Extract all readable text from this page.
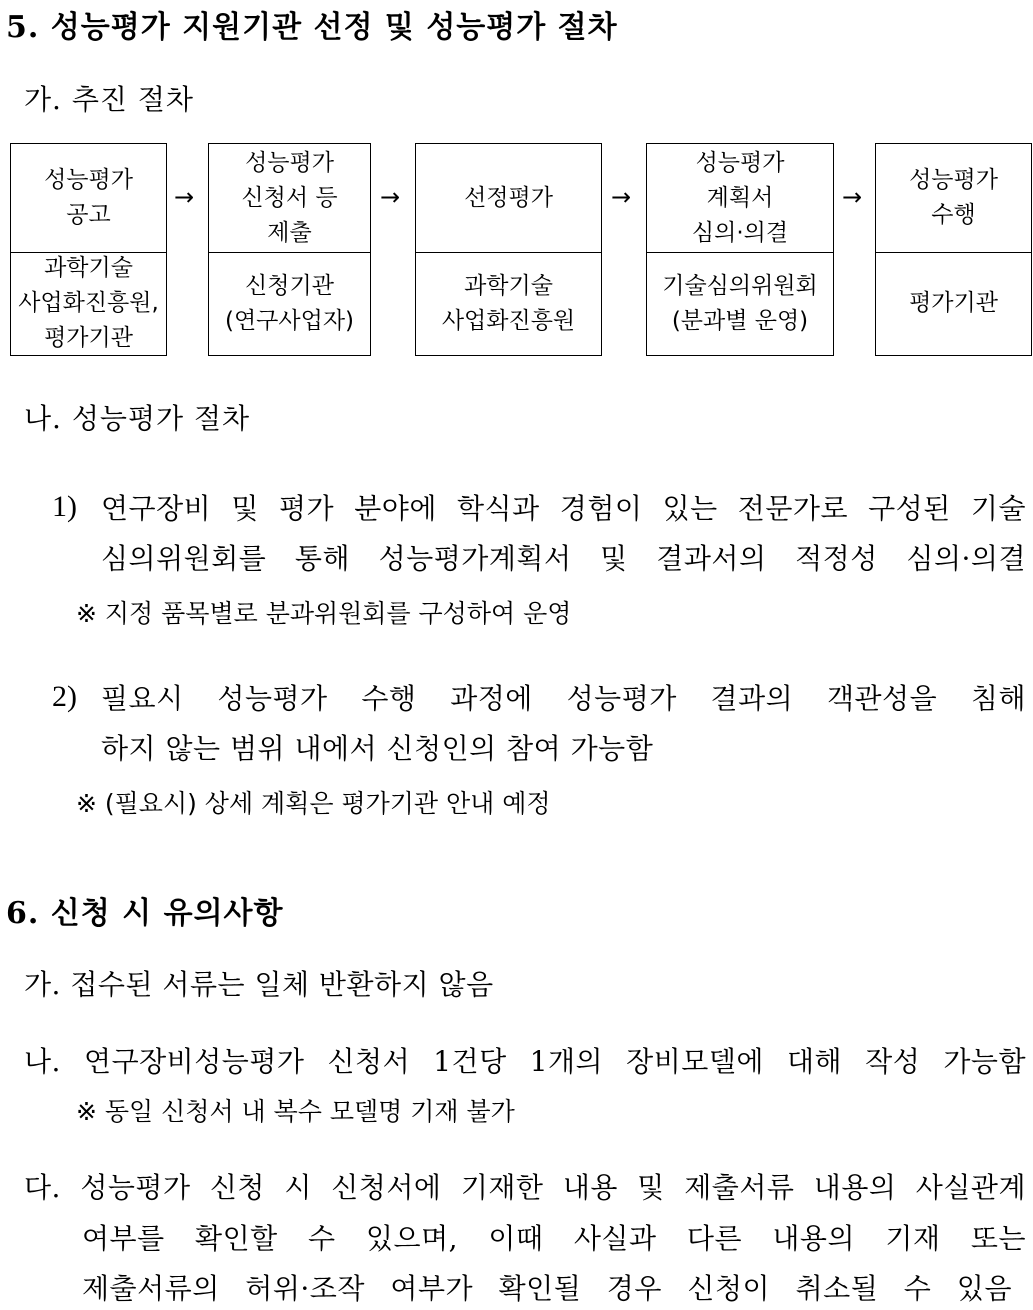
5. 성능평가 지원기관 선정 및 성능평가 절차
가. 추진 절차
성능평가
공고
과학기술
사업화진흥원,
평가기관
→
성능평가
신청서 등
제출
신청기관
(연구사업자)
→	선정평가
과학기술
사업화진흥원
→
성능평가
계획서
심의·의결
기술심의위원회
(분과별 운영)
→
성능평가
수행
평가기관
나. 성능평가 절차
1) 연구장비 및 평가 분야에 학식과 경험이 있는 전문가로 구성된 기술
심의위원회를 통해 성능평가계획서 및 결과서의 적정성 심의·의결
※ 지정 품목별로 분과위원회를 구성하여 운영
2) 필요시 성능평가 수행 과정에 성능평가 결과의 객관성을 침해
하지 않는 범위 내에서 신청인의 참여 가능함
※ (필요시) 상세 계획은 평가기관 안내 예정
6. 신청 시 유의사항
가. 접수된 서류는 일체 반환하지 않음
나. 연구장비성능평가 신청서 1건당 1개의 장비모델에 대해 작성 가능함
※ 동일 신청서 내 복수 모델명 기재 불가
다. 성능평가 신청 시 신청서에 기재한 내용 및 제출서류 내용의 사실관계
여부를 확인할 수 있으며, 이때 사실과 다른 내용의 기재 또는
제출서류의 허위·조작 여부가 확인될 경우 신청이 취소될 수 있음
